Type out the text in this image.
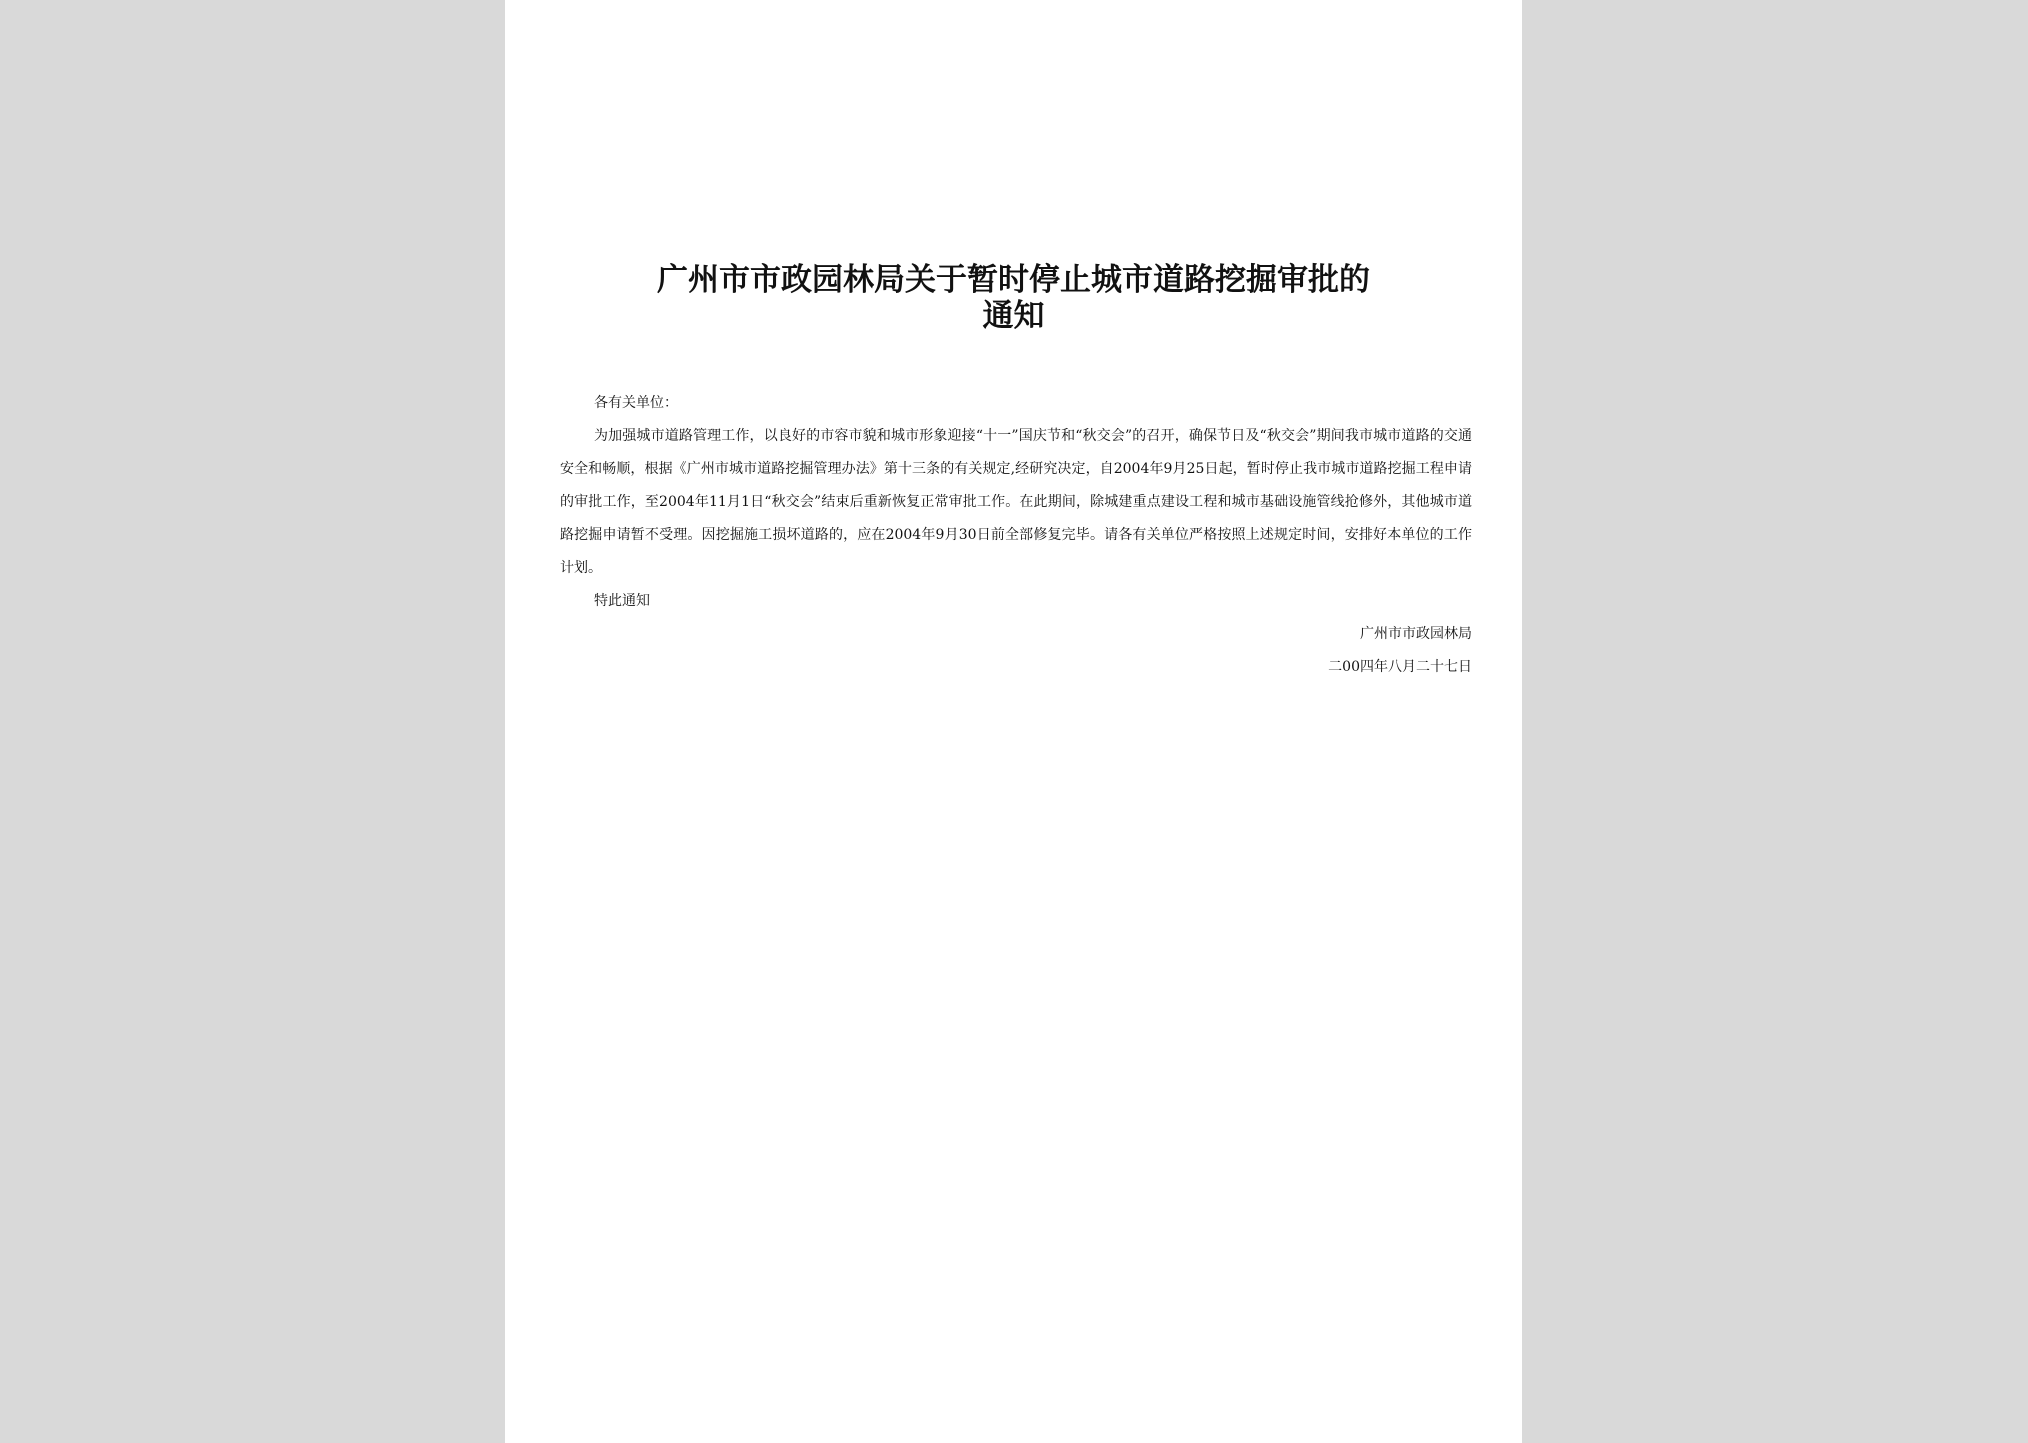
广州市市政园林局关于暂时停止城市道路挖掘审批的
通知

各有关单位：

为加强城市道路管理工作，以良好的市容市貌和城市形象迎接“十一”国庆节和“秋交会”的召开，确保节日及“秋交会”期间我市城市道路的交通安全和畅顺，根据《广州市城市道路挖掘管理办法》第十三条的有关规定,经研究决定，自2004年9月25日起，暂时停止我市城市道路挖掘工程申请的审批工作，至2004年11月1日“秋交会”结束后重新恢复正常审批工作。在此期间，除城建重点建设工程和城市基础设施管线抢修外，其他城市道路挖掘申请暂不受理。因挖掘施工损坏道路的，应在2004年9月30日前全部修复完毕。请各有关单位严格按照上述规定时间，安排好本单位的工作计划。

特此通知

广州市市政园林局

二00四年八月二十七日
